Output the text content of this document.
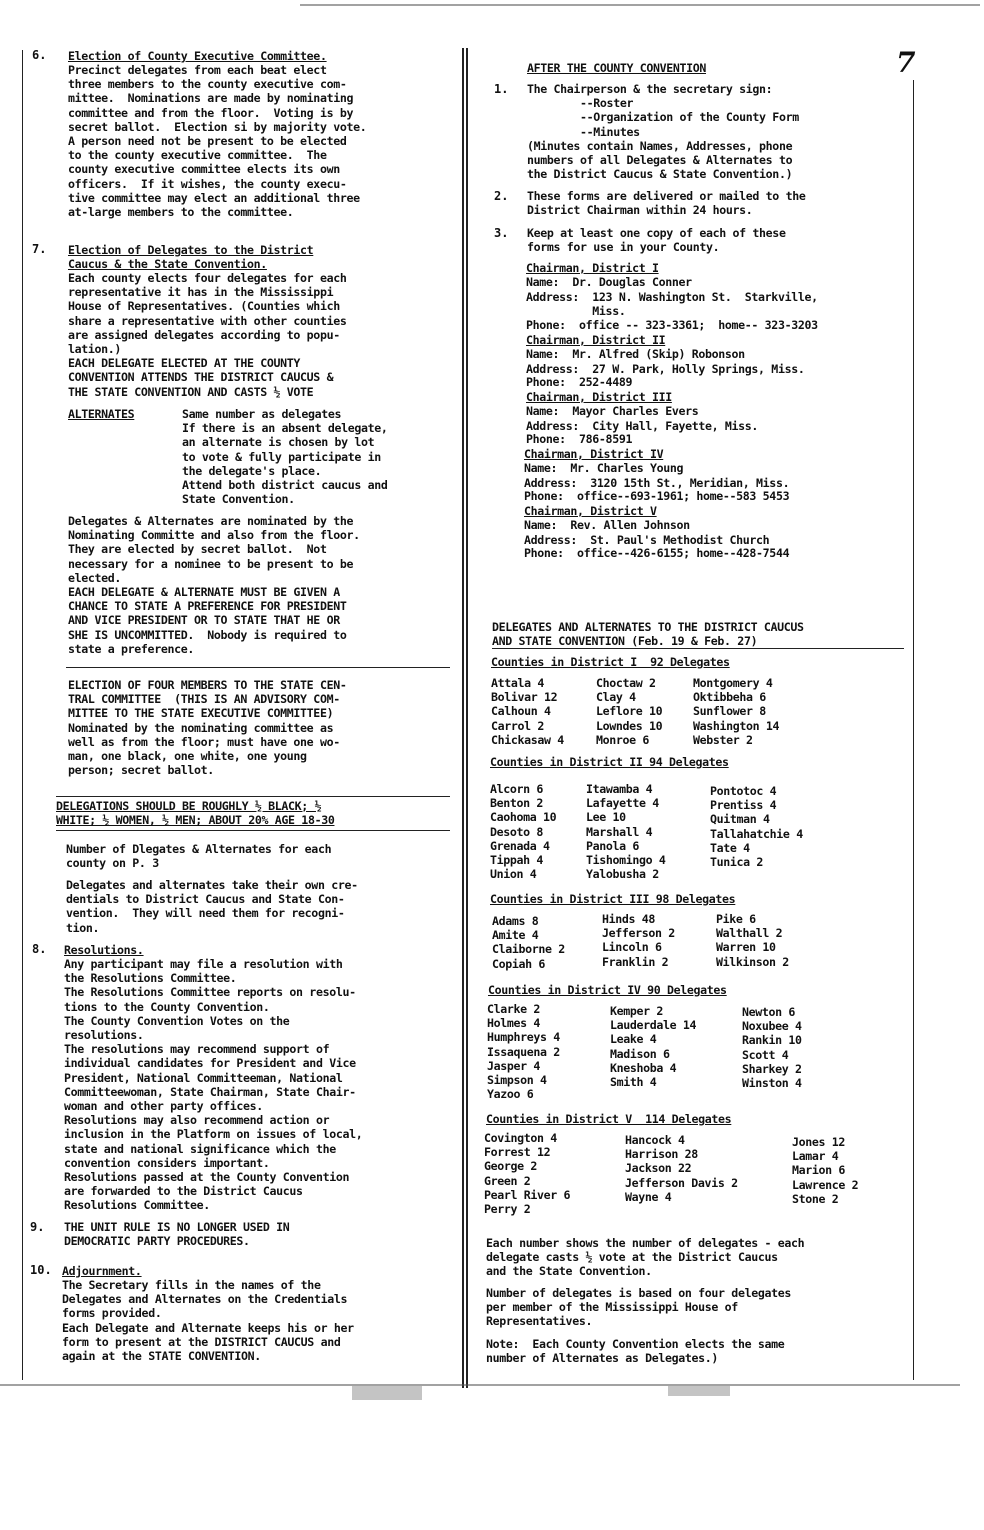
7
6. Election of County Executive Committee.
Precinct delegates from each beat elect
three members to the county executive com-
mittee.  Nominations are made by nominating
committee and from the floor.  Voting is by
secret ballot.  Election si by majority vote.
A person need not be present to be elected
to the county executive committee.  The
county executive committee elects its own
officers.  If it wishes, the county execu-
tive committee may elect an additional three
at-large members to the committee.
7. Election of Delegates to the District
Caucus & the State Convention.
Each county elects four delegates for each
representative it has in the Mississippi
House of Representatives. (Counties which
share a representative with other counties
are assigned delegates according to popu-
lation.)
EACH DELEGATE ELECTED AT THE COUNTY
CONVENTION ATTENDS THE DISTRICT CAUCUS &
THE STATE CONVENTION AND CASTS ½ VOTE
ALTERNATES	Same number as delegates
If there is an absent delegate,
an alternate is chosen by lot
to vote & fully participate in
the delegate's place.
Attend both district caucus and
State Convention.
Delegates & Alternates are nominated by the
Nominating Committe and also from the floor.
They are elected by secret ballot.  Not
necessary for a nominee to be present to be
elected.
EACH DELEGATE & ALTERNATE MUST BE GIVEN A
CHANCE TO STATE A PREFERENCE FOR PRESIDENT
AND VICE PRESIDENT OR TO STATE THAT HE OR
SHE IS UNCOMMITTED.  Nobody is required to
state a preference.
ELECTION OF FOUR MEMBERS TO THE STATE CEN-
TRAL COMMITTEE  (THIS IS AN ADVISORY COM-
MITTEE TO THE STATE EXECUTIVE COMMITTEE)
Nominated by the nominating committee as
well as from the floor; must have one wo-
man, one black, one white, one young
person; secret ballot.
DELEGATIONS SHOULD BE ROUGHLY ½ BLACK; ½
WHITE; ½ WOMEN, ½ MEN; ABOUT 20% AGE 18-30
Number of Dlegates & Alternates for each
county on P. 3
Delegates and alternates take their own cre-
dentials to District Caucus and State Con-
vention.  They will need them for recogni-
tion.
8. Resolutions.
Any participant may file a resolution with
the Resolutions Committee.
The Resolutions Committee reports on resolu-
tions to the County Convention.
The County Convention Votes on the
resolutions.
The resolutions may recommend support of
individual candidates for President and Vice
President, National Committeeman, National
Committeewoman, State Chairman, State Chair-
woman and other party offices.
Resolutions may also recommend action or
inclusion in the Platform on issues of local,
state and national significance which the
convention considers important.
Resolutions passed at the County Convention
are forwarded to the District Caucus
Resolutions Committee.
9. THE UNIT RULE IS NO LONGER USED IN
DEMOCRATIC PARTY PROCEDURES.
10. Adjournment.
The Secretary fills in the names of the
Delegates and Alternates on the Credentials
forms provided.
Each Delegate and Alternate keeps his or her
form to present at the DISTRICT CAUCUS and
again at the STATE CONVENTION.
AFTER THE COUNTY CONVENTION
1. The Chairperson & the secretary sign:
--Roster
--Organization of the County Form
--Minutes
(Minutes contain Names, Addresses, phone
numbers of all Delegates & Alternates to
the District Caucus & State Convention.)
2. These forms are delivered or mailed to the
District Chairman within 24 hours.
3. Keep at least one copy of each of these
forms for use in your County.
Chairman, District I
Name:  Dr. Douglas Conner
Address:  123 N. Washington St.  Starkville,
Miss.
Phone:  office -- 323-3361;  home-- 323-3203
Chairman, District II
Name:  Mr. Alfred (Skip) Robonson
Address:  27 W. Park, Holly Springs, Miss.
Phone:  252-4489
Chairman, District III
Name:  Mayor Charles Evers
Address:  City Hall, Fayette, Miss.
Phone:  786-8591
Chairman, District IV
Name:  Mr. Charles Young
Address:  3120 15th St., Meridian, Miss.
Phone:  office--693-1961; home--583 5453
Chairman, District V
Name:  Rev. Allen Johnson
Address:  St. Paul's Methodist Church
Phone:  office--426-6155; home--428-7544
DELEGATES AND ALTERNATES TO THE DISTRICT CAUCUS
AND STATE CONVENTION (Feb. 19 & Feb. 27)
Counties in District I  92 Delegates
Attala 4
Bolivar 12
Calhoun 4
Carrol 2
Chickasaw 4
Choctaw 2
Clay 4
Leflore 10
Lowndes 10
Monroe 6
Montgomery 4
Oktibbeha 6
Sunflower 8
Washington 14
Webster 2
Counties in District II 94 Delegates
Alcorn 6
Benton 2
Caohoma 10
Desoto 8
Grenada 4
Tippah 4
Union 4
Itawamba 4
Lafayette 4
Lee 10
Marshall 4
Panola 6
Tishomingo 4
Yalobusha 2
Pontotoc 4
Prentiss 4
Quitman 4
Tallahatchie 4
Tate 4
Tunica 2
Counties in District III 98 Delegates
Adams 8
Amite 4
Claiborne 2
Copiah 6
Hinds 48
Jefferson 2
Lincoln 6
Franklin 2
Pike 6
Walthall 2
Warren 10
Wilkinson 2
Counties in District IV 90 Delegates
Clarke 2
Holmes 4
Humphreys 4
Issaquena 2
Jasper 4
Simpson 4
Yazoo 6
Kemper 2
Lauderdale 14
Leake 4
Madison 6
Kneshoba 4
Smith 4
Newton 6
Noxubee 4
Rankin 10
Scott 4
Sharkey 2
Winston 4
Counties in District V  114 Delegates
Covington 4
Forrest 12
George 2
Green 2
Pearl River 6
Perry 2
Hancock 4
Harrison 28
Jackson 22
Jefferson Davis 2
Wayne 4
Jones 12
Lamar 4
Marion 6
Lawrence 2
Stone 2
Each number shows the number of delegates - each
delegate casts ½ vote at the District Caucus
and the State Convention.
Number of delegates is based on four delegates
per member of the Mississippi House of
Representatives.
Note:  Each County Convention elects the same
number of Alternates as Delegates.)
